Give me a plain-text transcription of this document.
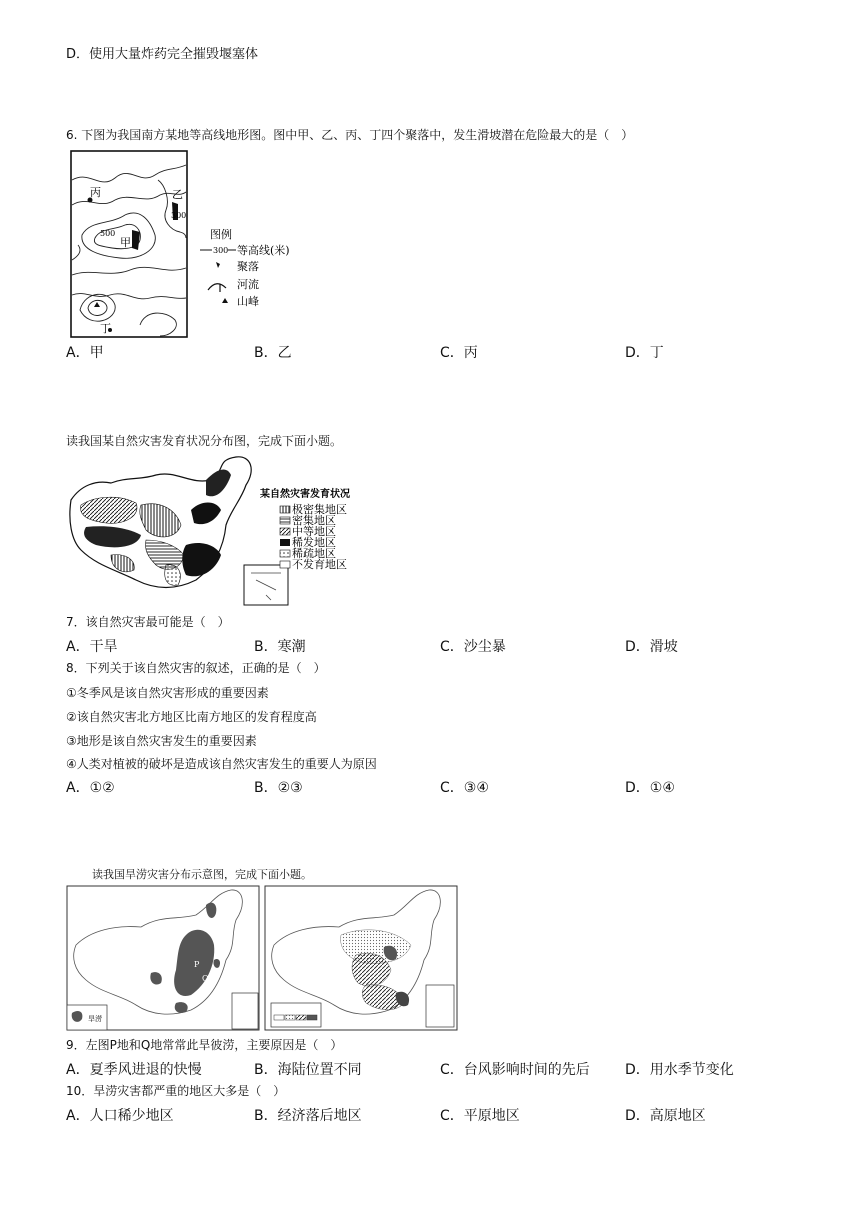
D．使用大量炸药完全摧毁堰塞体
6. 下图为我国南方某地等高线地形图。图中甲、乙、丙、丁四个聚落中，发生滑坡潜在危险最大的是（　）
丙	乙
300
甲
500
丁
图例
300 等高线(米)
聚落
河流
山峰
A．甲	B．乙	C．丙	D．丁
读我国某自然灾害发育状况分布图，完成下面小题。
某自然灾害发育状况
极密集地区
密集地区
中等地区
稀发地区
稀疏地区
不发育地区
7．该自然灾害最可能是（　）
A．干旱	B．寒潮	C．沙尘暴	D．滑坡
8．下列关于该自然灾害的叙述，正确的是（　）
①冬季风是该自然灾害形成的重要因素
②该自然灾害北方地区比南方地区的发育程度高
③地形是该自然灾害发生的重要因素
④人类对植被的破坏是造成该自然灾害发生的重要人为原因
A．①②	B．②③	C．③④	D．①④
读我国旱涝灾害分布示意图，完成下面小题。
P
Q
旱涝
9．左图P地和Q地常常此旱彼涝，主要原因是（　）
A．夏季风进退的快慢	B．海陆位置不同	C．台风影响时间的先后	D．用水季节变化
10．旱涝灾害都严重的地区大多是（　）
A．人口稀少地区	B．经济落后地区	C．平原地区	D．高原地区
